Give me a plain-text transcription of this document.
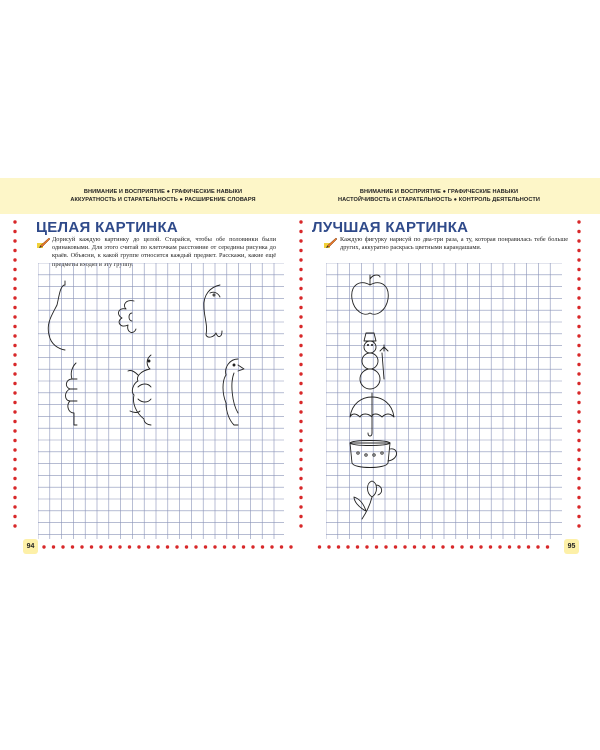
ВНИМАНИЕ И ВОСПРИЯТИЕ ● ГРАФИЧЕСКИЕ НАВЫКИ
АККУРАТНОСТЬ И СТАРАТЕЛЬНОСТЬ ● РАСШИРЕНИЕ СЛОВАРЯ
ЦЕЛАЯ КАРТИНКА
Дорисуй каждую картинку до целой. Старайся, чтобы обе половинки были одинаковыми. Для этого считай по клеточкам расстояние от середины рисунка до краёв. Объясни, к какой группе относится каждый предмет. Расскажи, какие ещё предметы входят в эту группу.
94
ВНИМАНИЕ И ВОСПРИЯТИЕ ● ГРАФИЧЕСКИЕ НАВЫКИ
НАСТОЙЧИВОСТЬ И СТАРАТЕЛЬНОСТЬ ● КОНТРОЛЬ ДЕЯТЕЛЬНОСТИ
ЛУЧШАЯ КАРТИНКА
Каждую фигурку нарисуй по два-три раза, а ту, которая понравилась тебе больше других, аккуратно раскрась цветными карандашами.
95
